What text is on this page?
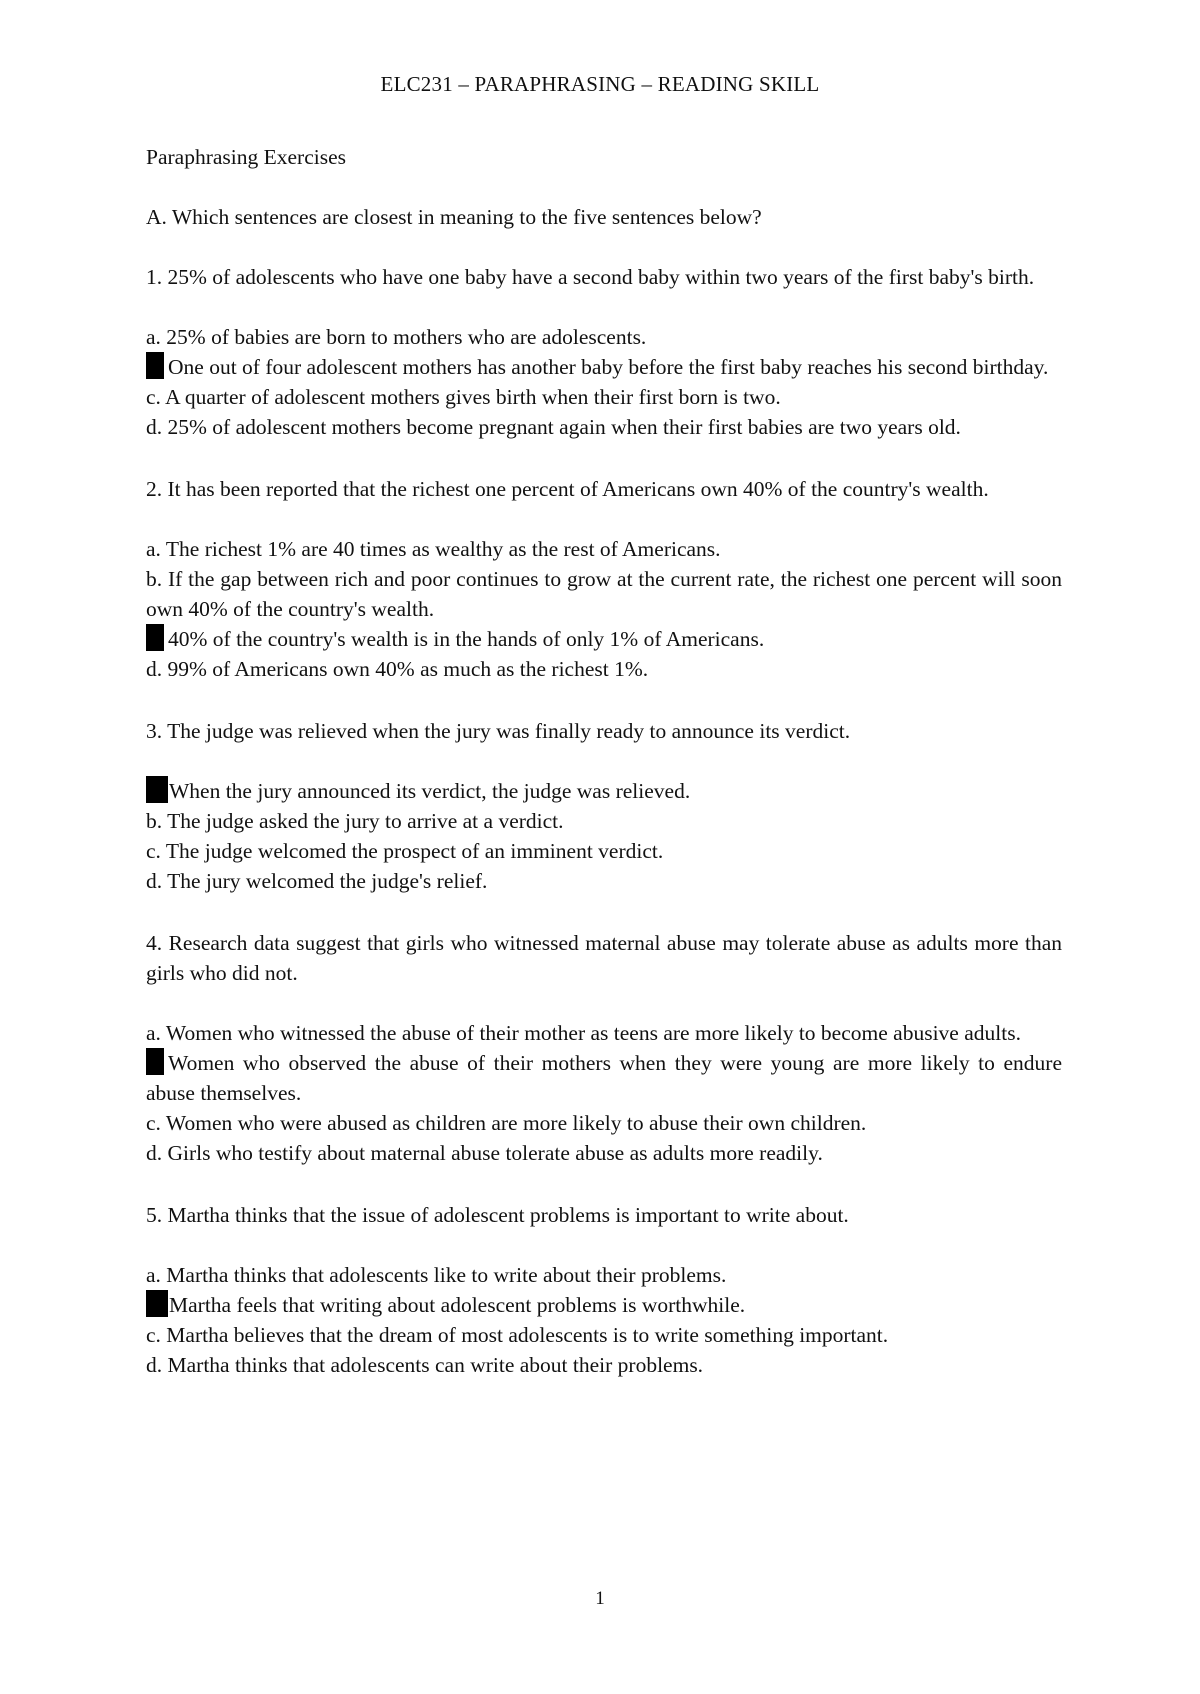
ELC231 – PARAPHRASING – READING SKILL

Paraphrasing Exercises

A. Which sentences are closest in meaning to the five sentences below?

1. 25% of adolescents who have one baby have a second baby within two years of the first baby's birth.

a. 25% of babies are born to mothers who are adolescents.

One out of four adolescent mothers has another baby before the first baby reaches his second birthday.

c. A quarter of adolescent mothers gives birth when their first born is two.

d. 25% of adolescent mothers become pregnant again when their first babies are two years old.

2. It has been reported that the richest one percent of Americans own 40% of the country's wealth.

a. The richest 1% are 40 times as wealthy as the rest of Americans.

b. If the gap between rich and poor continues to grow at the current rate, the richest one percent will soon own 40% of the country's wealth.

40% of the country's wealth is in the hands of only 1% of Americans.

d. 99% of Americans own 40% as much as the richest 1%.

3. The judge was relieved when the jury was finally ready to announce its verdict.

When the jury announced its verdict, the judge was relieved.

b. The judge asked the jury to arrive at a verdict.

c. The judge welcomed the prospect of an imminent verdict.

d. The jury welcomed the judge's relief.

4. Research data suggest that girls who witnessed maternal abuse may tolerate abuse as adults more than girls who did not.

a. Women who witnessed the abuse of their mother as teens are more likely to become abusive adults.

Women who observed the abuse of their mothers when they were young are more likely to endure abuse themselves.

c. Women who were abused as children are more likely to abuse their own children.

d. Girls who testify about maternal abuse tolerate abuse as adults more readily.

5. Martha thinks that the issue of adolescent problems is important to write about.

a. Martha thinks that adolescents like to write about their problems.

Martha feels that writing about adolescent problems is worthwhile.

c. Martha believes that the dream of most adolescents is to write something important.

d. Martha thinks that adolescents can write about their problems.

1
